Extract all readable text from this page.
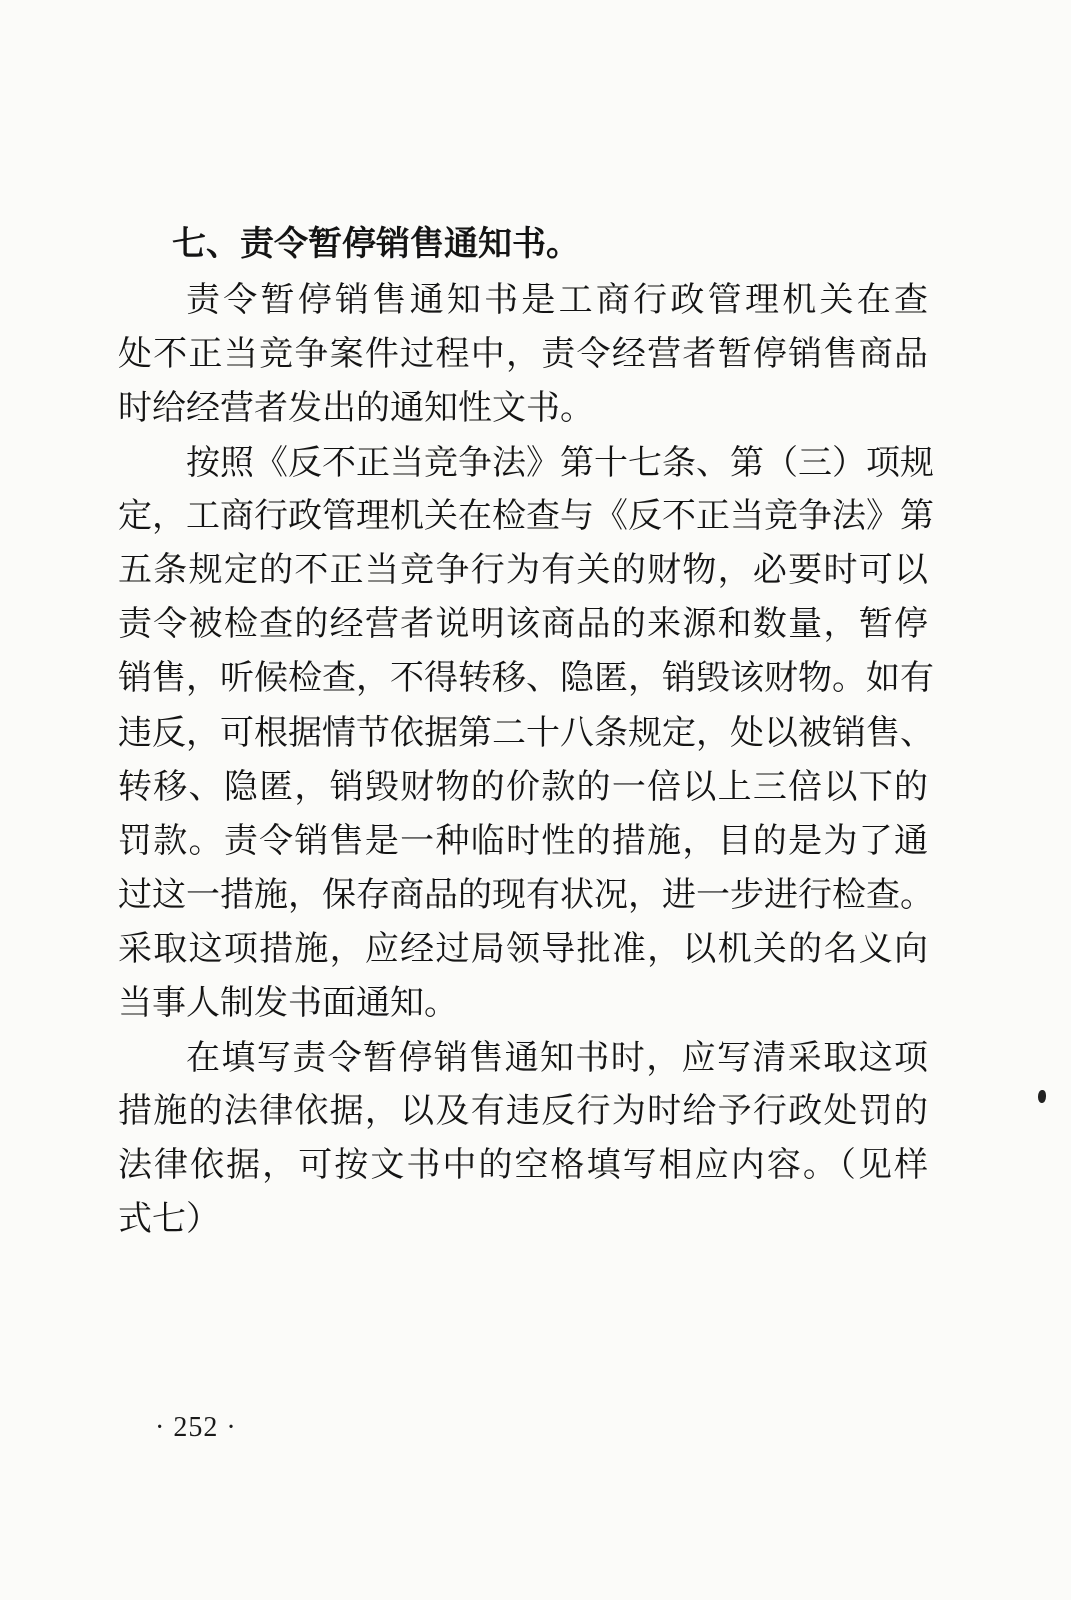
七、责令暂停销售通知书。
责令暂停销售通知书是工商行政管理机关在查
处不正当竞争案件过程中，责令经营者暂停销售商品
时给经营者发出的通知性文书。
按照《反不正当竞争法》第十七条、第（三）项规
定，工商行政管理机关在检查与《反不正当竞争法》第
五条规定的不正当竞争行为有关的财物，必要时可以
责令被检查的经营者说明该商品的来源和数量，暂停
销售，听候检查，不得转移、隐匿，销毁该财物。如有
违反，可根据情节依据第二十八条规定，处以被销售、
转移、隐匿，销毁财物的价款的一倍以上三倍以下的
罚款。责令销售是一种临时性的措施，目的是为了通
过这一措施，保存商品的现有状况，进一步进行检查。
采取这项措施，应经过局领导批准，以机关的名义向
当事人制发书面通知。
在填写责令暂停销售通知书时，应写清采取这项
措施的法律依据，以及有违反行为时给予行政处罚的
法律依据，可按文书中的空格填写相应内容。（见样
式七）
· 252 ·
